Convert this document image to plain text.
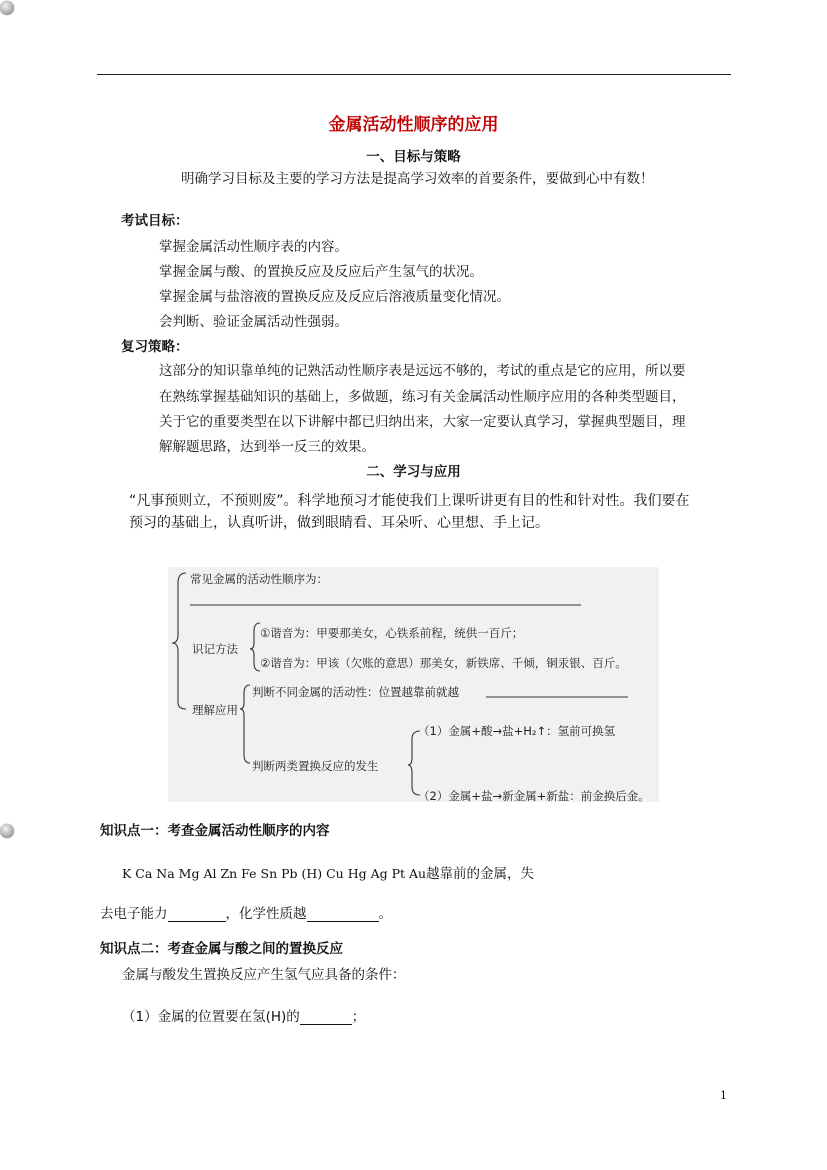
金属活动性顺序的应用
一、目标与策略
明确学习目标及主要的学习方法是提高学习效率的首要条件，要做到心中有数！
考试目标：
掌握金属活动性顺序表的内容。
掌握金属与酸、的置换反应及反应后产生氢气的状况。
掌握金属与盐溶液的置换反应及反应后溶液质量变化情况。
会判断、验证金属活动性强弱。
复习策略：
这部分的知识靠单纯的记熟活动性顺序表是远远不够的，考试的重点是它的应用，所以要
在熟练掌握基础知识的基础上，多做题，练习有关金属活动性顺序应用的各种类型题目，
关于它的重要类型在以下讲解中都已归纳出来，大家一定要认真学习，掌握典型题目，理
解解题思路，达到举一反三的效果。
二、学习与应用
“凡事预则立，不预则废”。科学地预习才能使我们上课听讲更有目的性和针对性。我们要在
预习的基础上，认真听讲，做到眼睛看、耳朵听、心里想、手上记。
常见金属的活动性顺序为：
识记方法
①谐音为：甲要那美女，心铁系前程，统供一百斤；
②谐音为：甲该（欠账的意思）那美女，新铁席、千倾，铜汞银、百斤。
理解应用
判断不同金属的活动性：位置越靠前就越
判断两类置换反应的发生
（1）金属+酸→盐+H₂↑：氢前可换氢
（2）金属+盐→新金属+新盐：前金换后金。
知识点一：考查金属活动性顺序的内容
K Ca Na Mg Al Zn Fe Sn Pb (H) Cu Hg Ag Pt Au越靠前的金属，失
去电子能力	，化学性质越	。
知识点二：考查金属与酸之间的置换反应
金属与酸发生置换反应产生氢气应具备的条件：
（1）金属的位置要在氢(H)的	；
1
